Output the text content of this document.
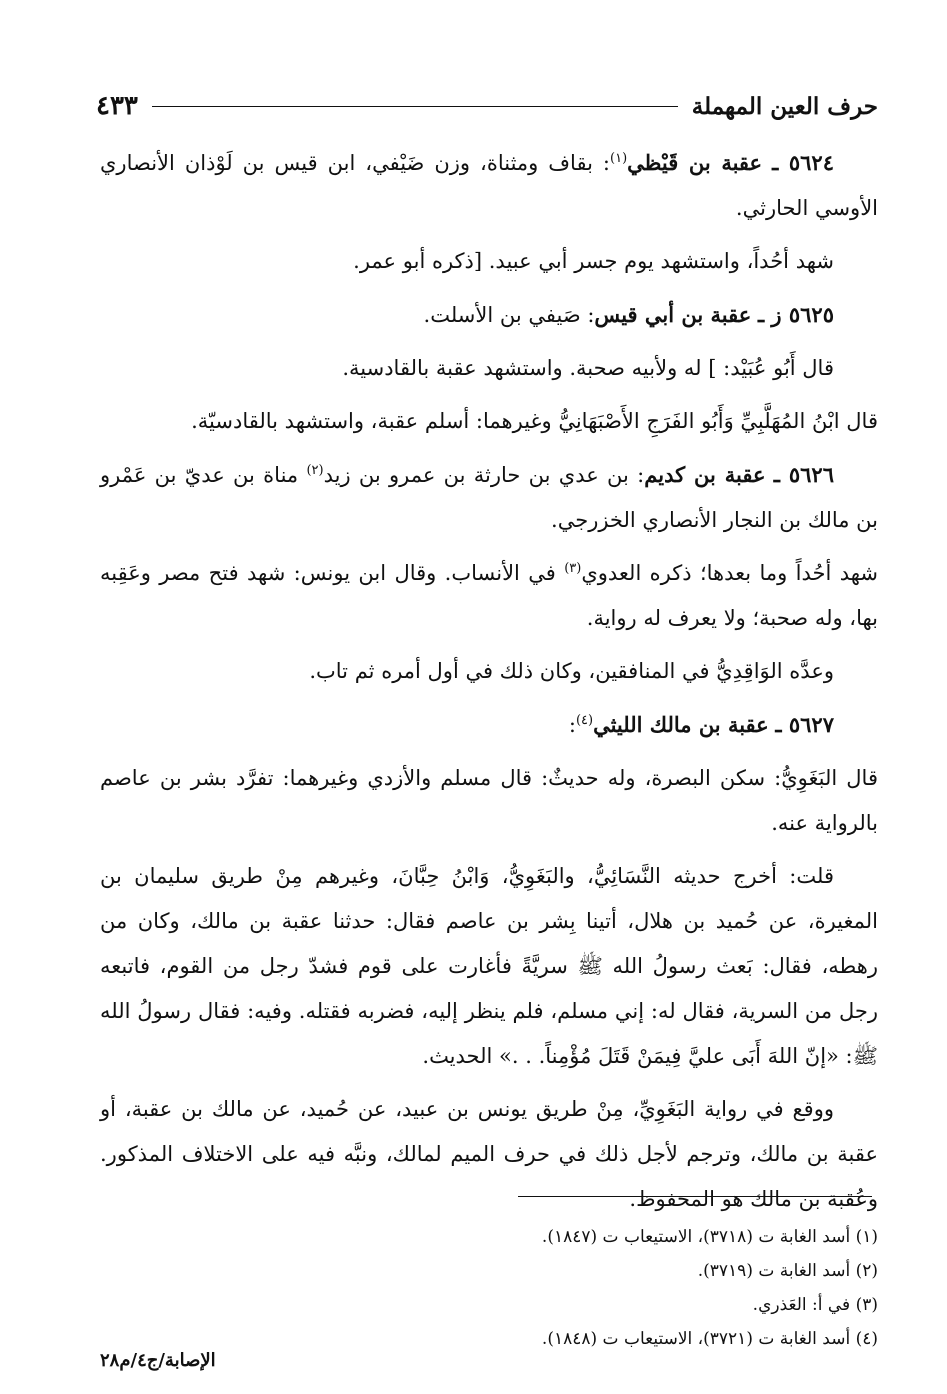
حرف العين المهملة
٤٣٣

٥٦٢٤ ـ عقبة بن قَيْظي$^{(١)}$: بقاف ومثناة، وزن ضَيْفي، ابن قيس بن لَوْذان الأنصاري الأوسي الحارثي.

شهد أحُداً، واستشهد يوم جسر أبي عبيد. [ذكره أبو عمر.

٥٦٢٥ ز ـ عقبة بن أبي قيس: صَيفي بن الأسلت.

قال أَبُو عُبَيْد: ] له ولأبيه صحبة. واستشهد عقبة بالقادسية.

قال ابْنُ المُهَلَّبِيِّ وَأَبُو الفَرَجِ الأَصْبَهَانِيُّ وغيرهما: أسلم عقبة، واستشهد بالقادسيّة.

٥٦٢٦ ـ عقبة بن كديم: بن عدي بن حارثة بن عمرو بن زيد$^{(٢)}$ مناة بن عديّ بن عَمْرو بن مالك بن النجار الأنصاري الخزرجي.

شهد أحُداً وما بعدها؛ ذكره العدوي$^{(٣)}$ في الأنساب. وقال ابن يونس: شهد فتح مصر وعَقِبه بها، وله صحبة؛ ولا يعرف له رواية.

وعدَّه الوَاقِدِيُّ في المنافقين، وكان ذلك في أول أمره ثم تاب.

٥٦٢٧ ـ عقبة بن مالك الليثي$^{(٤)}$:

قال البَغَوِيُّ: سكن البصرة، وله حديثٌ: قال مسلم والأزدي وغيرهما: تفرَّد بشر بن عاصم بالرواية عنه.

قلت: أخرج حديثه النَّسَائِيُّ، والبَغَوِيُّ، وَابْنُ حِبَّانَ، وغيرهم مِنْ طريق سليمان بن المغيرة، عن حُميد بن هلال، أتينا بِشر بن عاصم فقال: حدثنا عقبة بن مالك، وكان من رهطه، فقال: بَعث رسولُ الله ﷺ سريَّةً فأغارت على قوم فشدّ رجل من القوم، فاتبعه رجل من السرية، فقال له: إني مسلم، فلم ينظر إليه، فضربه فقتله. وفيه: فقال رسولُ الله ﷺ: «إنّ اللهَ أَبَى عليَّ فِيمَنْ قَتَلَ مُؤْمِناً. . .» الحديث.

ووقع في رواية البَغَوِيِّ، مِنْ طريق يونس بن عبيد، عن حُميد، عن مالك بن عقبة، أو عقبة بن مالك، وترجم لأجل ذلك في حرف الميم لمالك، ونبَّه فيه على الاختلاف المذكور. وعُقبة بن مالك هو المحفوظ.

(١) أسد الغابة ت (٣٧١٨)، الاستيعاب ت (١٨٤٧).
(٢) أسد الغابة ت (٣٧١٩).
(٣) في أ: العَذري.
(٤) أسد الغابة ت (٣٧٢١)، الاستيعاب ت (١٨٤٨).
الإصابة/ج٤/م٢٨
